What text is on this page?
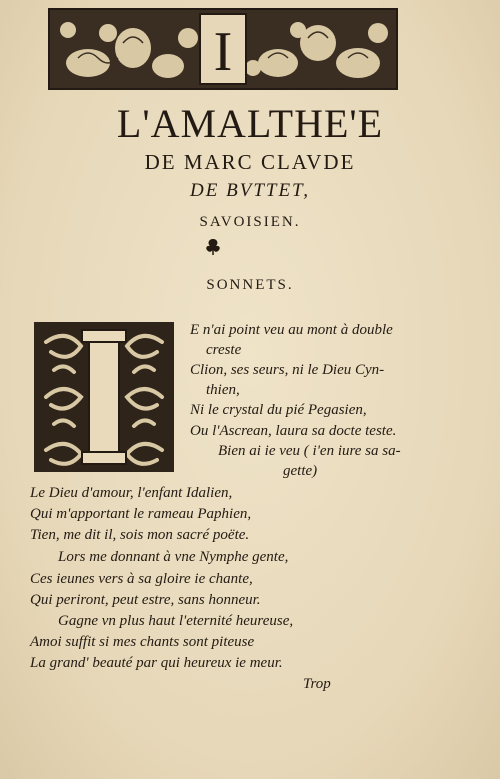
I
L'AMALTHE'E
DE MARC CLAVDE
DE BVTTET,
SAVOISIEN.
SONNETS.
E n'ai point veu au mont à double
creste
Clion, ses seurs, ni le Dieu Cyn-
thien,
Ni le crystal du pié Pegasien,
Ou l'Ascrean, laura sa docte teste.
Bien ai ie veu ( i'en iure sa sa-
gette)
Le Dieu d'amour, l'enfant Idalien,
Qui m'apportant le rameau Paphien,
Tien, me dit il, sois mon sacré poëte.
Lors me donnant à vne Nymphe gente,
Ces ieunes vers à sa gloire ie chante,
Qui periront, peut estre, sans honneur.
Gagne vn plus haut l'eternité heureuse,
Amoi suffit si mes chants sont piteuse
La grand' beauté par qui heureux ie meur.
Trop
